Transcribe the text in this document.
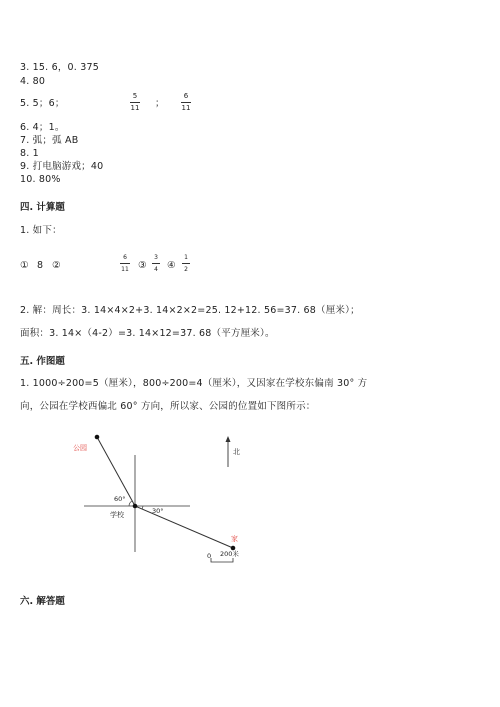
3. 15. 6，0. 375
4. 80
5. 5；6；
5
11 ；
6
11
6. 4；1。
7. 弧；弧 AB
8. 1
9. 打电脑游戏；40
10. 80%
四. 计算题
1. 如下：
① 8 ②
6
11 ③
3
4 ④
1
2
2. 解：周长：3. 14×4×2+3. 14×2×2=25. 12+12. 56=37. 68（厘米）；
面积：3. 14×（4-2）=3. 14×12=37. 68（平方厘米）。
五. 作图题
1. 1000÷200=5（厘米），800÷200=4（厘米），又因家在学校东偏南 30° 方
向，公园在学校西偏北 60° 方向，所以家、公园的位置如下图所示：
公园
家
学校
北
60°
30°
0 200米
六. 解答题
